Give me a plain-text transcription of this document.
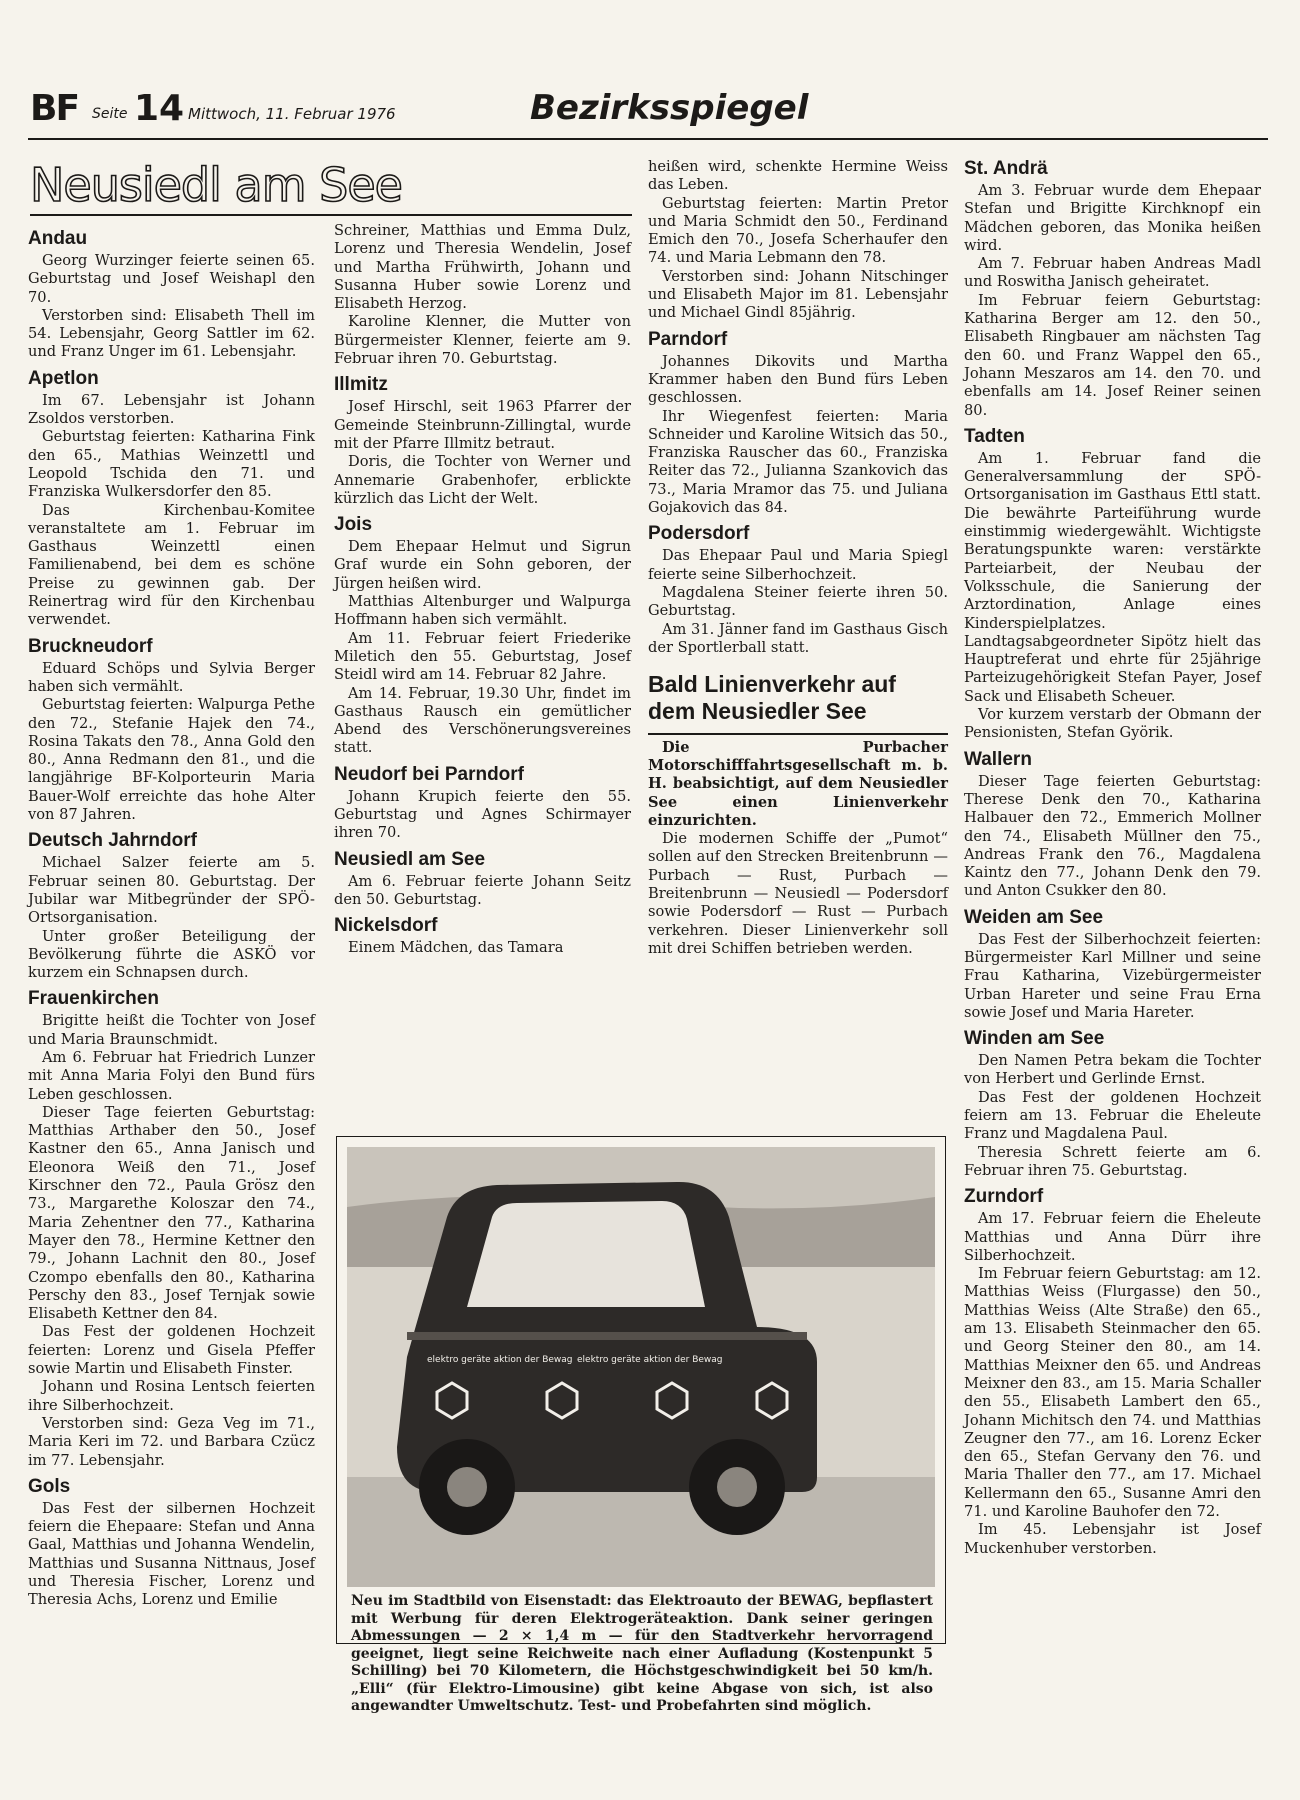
BF Seite 14 Mittwoch, 11. Februar 1976	Bezirksspiegel
Neusiedl am See
Andau

Georg Wurzinger feierte seinen 65. Geburtstag und Josef Weishapl den 70.

Verstorben sind: Elisabeth Thell im 54. Lebensjahr, Georg Sattler im 62. und Franz Unger im 61. Lebensjahr.

Apetlon

Im 67. Lebensjahr ist Johann Zsoldos verstorben.

Geburtstag feierten: Katharina Fink den 65., Mathias Weinzettl und Leopold Tschida den 71. und Franziska Wulkersdorfer den 85.

Das Kirchenbau-Komitee veranstaltete am 1. Februar im Gasthaus Weinzettl einen Familienabend, bei dem es schöne Preise zu gewinnen gab. Der Reinertrag wird für den Kirchenbau verwendet.

Bruckneudorf

Eduard Schöps und Sylvia Berger haben sich vermählt.

Geburtstag feierten: Walpurga Pethe den 72., Stefanie Hajek den 74., Rosina Takats den 78., Anna Gold den 80., Anna Redmann den 81., und die langjährige BF-Kolporteurin Maria Bauer-Wolf erreichte das hohe Alter von 87 Jahren.

Deutsch Jahrndorf

Michael Salzer feierte am 5. Februar seinen 80. Geburtstag. Der Jubilar war Mitbegründer der SPÖ-Ortsorganisation.

Unter großer Beteiligung der Bevölkerung führte die ASKÖ vor kurzem ein Schnapsen durch.

Frauenkirchen

Brigitte heißt die Tochter von Josef und Maria Braunschmidt.

Am 6. Februar hat Friedrich Lunzer mit Anna Maria Folyi den Bund fürs Leben geschlossen.

Dieser Tage feierten Geburtstag: Matthias Arthaber den 50., Josef Kastner den 65., Anna Janisch und Eleonora Weiß den 71., Josef Kirschner den 72., Paula Grösz den 73., Margarethe Koloszar den 74., Maria Zehentner den 77., Katharina Mayer den 78., Hermine Kettner den 79., Johann Lachnit den 80., Josef Czompo ebenfalls den 80., Katharina Perschy den 83., Josef Ternjak sowie Elisabeth Kettner den 84.

Das Fest der goldenen Hochzeit feierten: Lorenz und Gisela Pfeffer sowie Martin und Elisabeth Finster.

Johann und Rosina Lentsch feierten ihre Silberhochzeit.

Verstorben sind: Geza Veg im 71., Maria Keri im 72. und Barbara Czücz im 77. Lebensjahr.

Gols

Das Fest der silbernen Hochzeit feiern die Ehepaare: Stefan und Anna Gaal, Matthias und Johanna Wendelin, Matthias und Susanna Nittnaus, Josef und Theresia Fischer, Lorenz und Theresia Achs, Lorenz und Emilie

Schreiner, Matthias und Emma Dulz, Lorenz und Theresia Wendelin, Josef und Martha Frühwirth, Johann und Susanna Huber sowie Lorenz und Elisabeth Herzog.

Karoline Klenner, die Mutter von Bürgermeister Klenner, feierte am 9. Februar ihren 70. Geburtstag.

Illmitz

Josef Hirschl, seit 1963 Pfarrer der Gemeinde Steinbrunn-Zillingtal, wurde mit der Pfarre Illmitz betraut.

Doris, die Tochter von Werner und Annemarie Grabenhofer, erblickte kürzlich das Licht der Welt.

Jois

Dem Ehepaar Helmut und Sigrun Graf wurde ein Sohn geboren, der Jürgen heißen wird.

Matthias Altenburger und Walpurga Hoffmann haben sich vermählt.

Am 11. Februar feiert Friederike Miletich den 55. Geburtstag, Josef Steidl wird am 14. Februar 82 Jahre.

Am 14. Februar, 19.30 Uhr, findet im Gasthaus Rausch ein gemütlicher Abend des Verschönerungsvereines statt.

Neudorf bei Parndorf

Johann Krupich feierte den 55. Geburtstag und Agnes Schirmayer ihren 70.

Neusiedl am See

Am 6. Februar feierte Johann Seitz den 50. Geburtstag.

Nickelsdorf

Einem Mädchen, das Tamara

heißen wird, schenkte Hermine Weiss das Leben.

Geburtstag feierten: Martin Pretor und Maria Schmidt den 50., Ferdinand Emich den 70., Josefa Scherhaufer den 74. und Maria Lebmann den 78.

Verstorben sind: Johann Nitschinger und Elisabeth Major im 81. Lebensjahr und Michael Gindl 85jährig.

Parndorf

Johannes Dikovits und Martha Krammer haben den Bund fürs Leben geschlossen.

Ihr Wiegenfest feierten: Maria Schneider und Karoline Witsich das 50., Franziska Rauscher das 60., Franziska Reiter das 72., Julianna Szankovich das 73., Maria Mramor das 75. und Juliana Gojakovich das 84.

Podersdorf

Das Ehepaar Paul und Maria Spiegl feierte seine Silberhochzeit.

Magdalena Steiner feierte ihren 50. Geburtstag.

Am 31. Jänner fand im Gasthaus Gisch der Sportlerball statt.

Bald Linienverkehr auf dem Neusiedler See

Die Purbacher Motorschifffahrtsgesellschaft m. b. H. beabsichtigt, auf dem Neusiedler See einen Linienverkehr einzurichten.

Die modernen Schiffe der „Pumot“ sollen auf den Strecken Breitenbrunn — Purbach — Rust, Purbach — Breitenbrunn — Neusiedl — Podersdorf sowie Podersdorf — Rust — Purbach verkehren. Dieser Linienverkehr soll mit drei Schiffen betrieben werden.

St. Andrä

Am 3. Februar wurde dem Ehepaar Stefan und Brigitte Kirchknopf ein Mädchen geboren, das Monika heißen wird.

Am 7. Februar haben Andreas Madl und Roswitha Janisch geheiratet.

Im Februar feiern Geburtstag: Katharina Berger am 12. den 50., Elisabeth Ringbauer am nächsten Tag den 60. und Franz Wappel den 65., Johann Meszaros am 14. den 70. und ebenfalls am 14. Josef Reiner seinen 80.

Tadten

Am 1. Februar fand die Generalversammlung der SPÖ-Ortsorganisation im Gasthaus Ettl statt. Die bewährte Parteiführung wurde einstimmig wiedergewählt. Wichtigste Beratungspunkte waren: verstärkte Parteiarbeit, der Neubau der Volksschule, die Sanierung der Arztordination, Anlage eines Kinderspielplatzes. Landtagsabgeordneter Sipötz hielt das Hauptreferat und ehrte für 25jährige Parteizugehörigkeit Stefan Payer, Josef Sack und Elisabeth Scheuer.

Vor kurzem verstarb der Obmann der Pensionisten, Stefan Györik.

Wallern

Dieser Tage feierten Geburtstag: Therese Denk den 70., Katharina Halbauer den 72., Emmerich Mollner den 74., Elisabeth Müllner den 75., Andreas Frank den 76., Magdalena Kaintz den 77., Johann Denk den 79. und Anton Csukker den 80.

Weiden am See

Das Fest der Silberhochzeit feierten: Bürgermeister Karl Millner und seine Frau Katharina, Vizebürgermeister Urban Hareter und seine Frau Erna sowie Josef und Maria Hareter.

Winden am See

Den Namen Petra bekam die Tochter von Herbert und Gerlinde Ernst.

Das Fest der goldenen Hochzeit feiern am 13. Februar die Eheleute Franz und Magdalena Paul.

Theresia Schrett feierte am 6. Februar ihren 75. Geburtstag.

Zurndorf

Am 17. Februar feiern die Eheleute Matthias und Anna Dürr ihre Silberhochzeit.

Im Februar feiern Geburtstag: am 12. Matthias Weiss (Flurgasse) den 50., Matthias Weiss (Alte Straße) den 65., am 13. Elisabeth Steinmacher den 65. und Georg Steiner den 80., am 14. Matthias Meixner den 65. und Andreas Meixner den 83., am 15. Maria Schaller den 55., Elisabeth Lambert den 65., Johann Michitsch den 74. und Matthias Zeugner den 77., am 16. Lorenz Ecker den 65., Stefan Gervany den 76. und Maria Thaller den 77., am 17. Michael Kellermann den 65., Susanne Amri den 71. und Karoline Bauhofer den 72.

Im 45. Lebensjahr ist Josef Muckenhuber verstorben.

elektro geräte aktion der Bewag elektro geräte aktion der Bewag
Neu im Stadtbild von Eisenstadt: das Elektroauto der BEWAG, bepflastert mit Werbung für deren Elektrogeräteaktion. Dank seiner geringen Abmessungen — 2 × 1,4 m — für den Stadtverkehr hervorragend geeignet, liegt seine Reichweite nach einer Aufladung (Kostenpunkt 5 Schilling) bei 70 Kilometern, die Höchstgeschwindigkeit bei 50 km/h. „Elli“ (für Elektro-Limousine) gibt keine Abgase von sich, ist also angewandter Umweltschutz. Test- und Probefahrten sind möglich.
